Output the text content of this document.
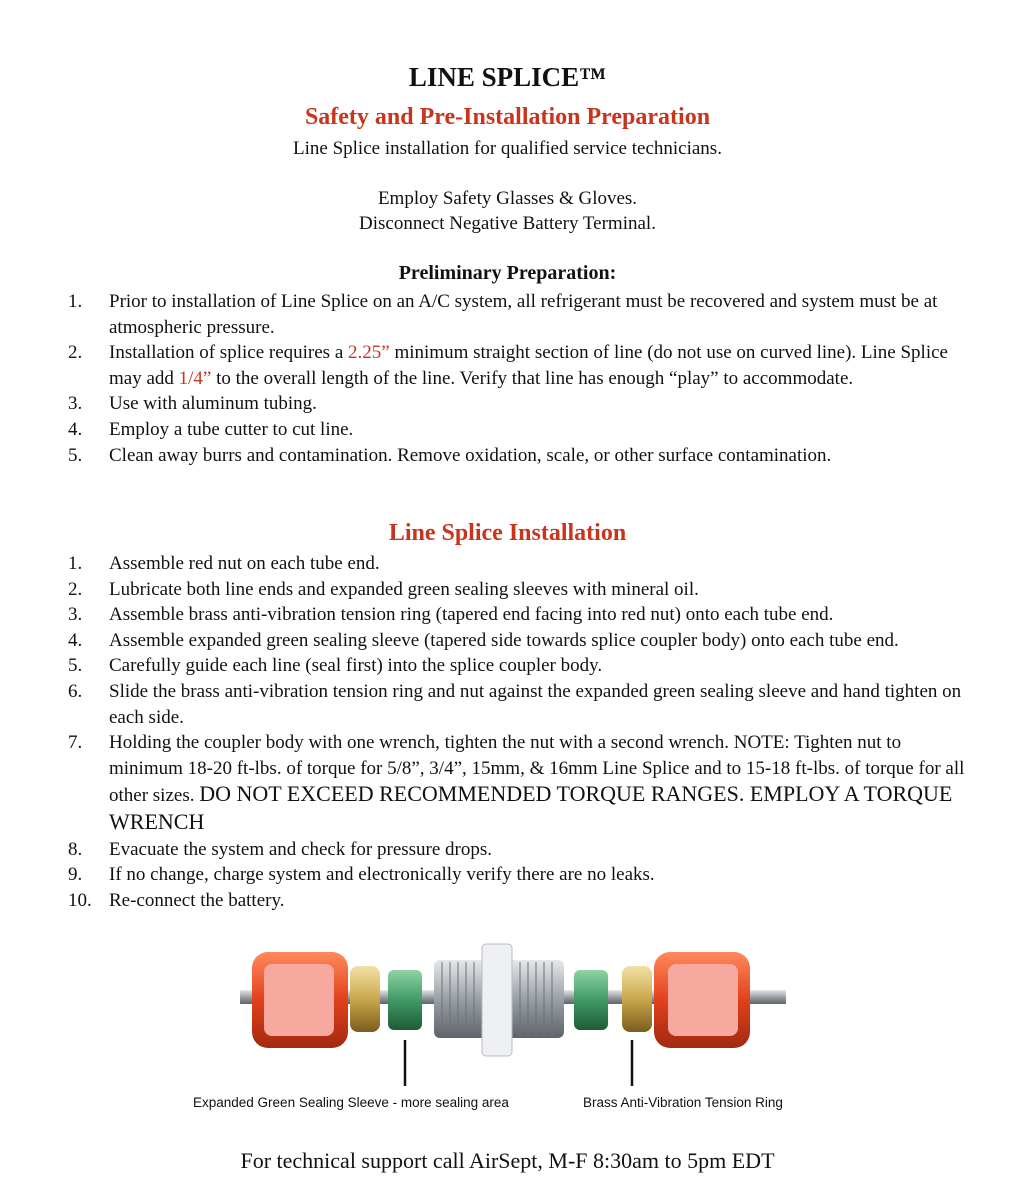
LINE SPLICE™
Safety and Pre-Installation Preparation
Line Splice installation for qualified service technicians.
Employ Safety Glasses & Gloves.
Disconnect Negative Battery Terminal.
Preliminary Preparation:
1. Prior to installation of Line Splice on an A/C system, all refrigerant must be recovered and system must be at atmospheric pressure.
2. Installation of splice requires a 2.25” minimum straight section of line (do not use on curved line). Line Splice may add 1/4” to the overall length of the line. Verify that line has enough “play” to accommodate.
3. Use with aluminum tubing.
4. Employ a tube cutter to cut line.
5. Clean away burrs and contamination. Remove oxidation, scale, or other surface contamination.
Line Splice Installation
1. Assemble red nut on each tube end.
2. Lubricate both line ends and expanded green sealing sleeves with mineral oil.
3. Assemble brass anti-vibration tension ring (tapered end facing into red nut) onto each tube end.
4. Assemble expanded green sealing sleeve (tapered side towards splice coupler body) onto each tube end.
5. Carefully guide each line (seal first) into the splice coupler body.
6. Slide the brass anti-vibration tension ring and nut against the expanded green sealing sleeve and hand tighten on each side.
7. Holding the coupler body with one wrench, tighten the nut with a second wrench. NOTE: Tighten nut to minimum 18-20 ft-lbs. of torque for 5/8”, 3/4”, 15mm, & 16mm Line Splice and to 15-18 ft-lbs. of torque for all other sizes. DO NOT EXCEED RECOMMENDED TORQUE RANGES. EMPLOY A TORQUE WRENCH
8. Evacuate the system and check for pressure drops.
9. If no change, charge system and electronically verify there are no leaks.
10. Re-connect the battery.
Expanded Green Sealing Sleeve - more sealing area	Brass Anti-Vibration Tension Ring
For technical support call AirSept, M-F 8:30am to 5pm EDT
